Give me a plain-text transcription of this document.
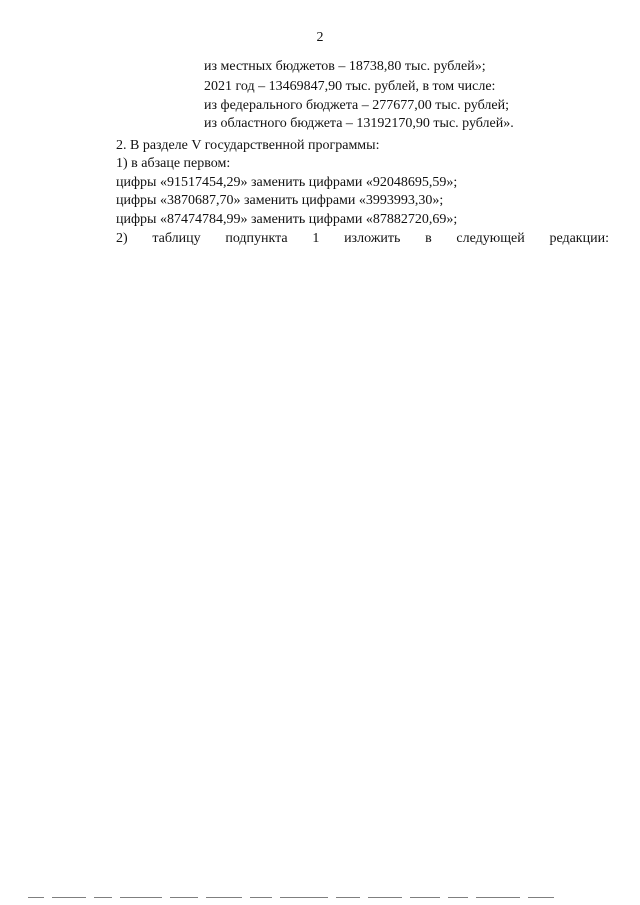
2
из местных бюджетов – 18738,80 тыс. рублей»;
2021 год – 13469847,90 тыс. рублей, в том числе:
из федерального бюджета – 277677,00 тыс. рублей;
из областного бюджета – 13192170,90 тыс. рублей».
2. В разделе V государственной программы:
1) в абзаце первом:
цифры «91517454,29» заменить цифрами «92048695,59»;
цифры «3870687,70» заменить цифрами «3993993,30»;
цифры «87474784,99» заменить цифрами «87882720,69»;
2) таблицу подпункта 1 изложить в следующей редакции:
